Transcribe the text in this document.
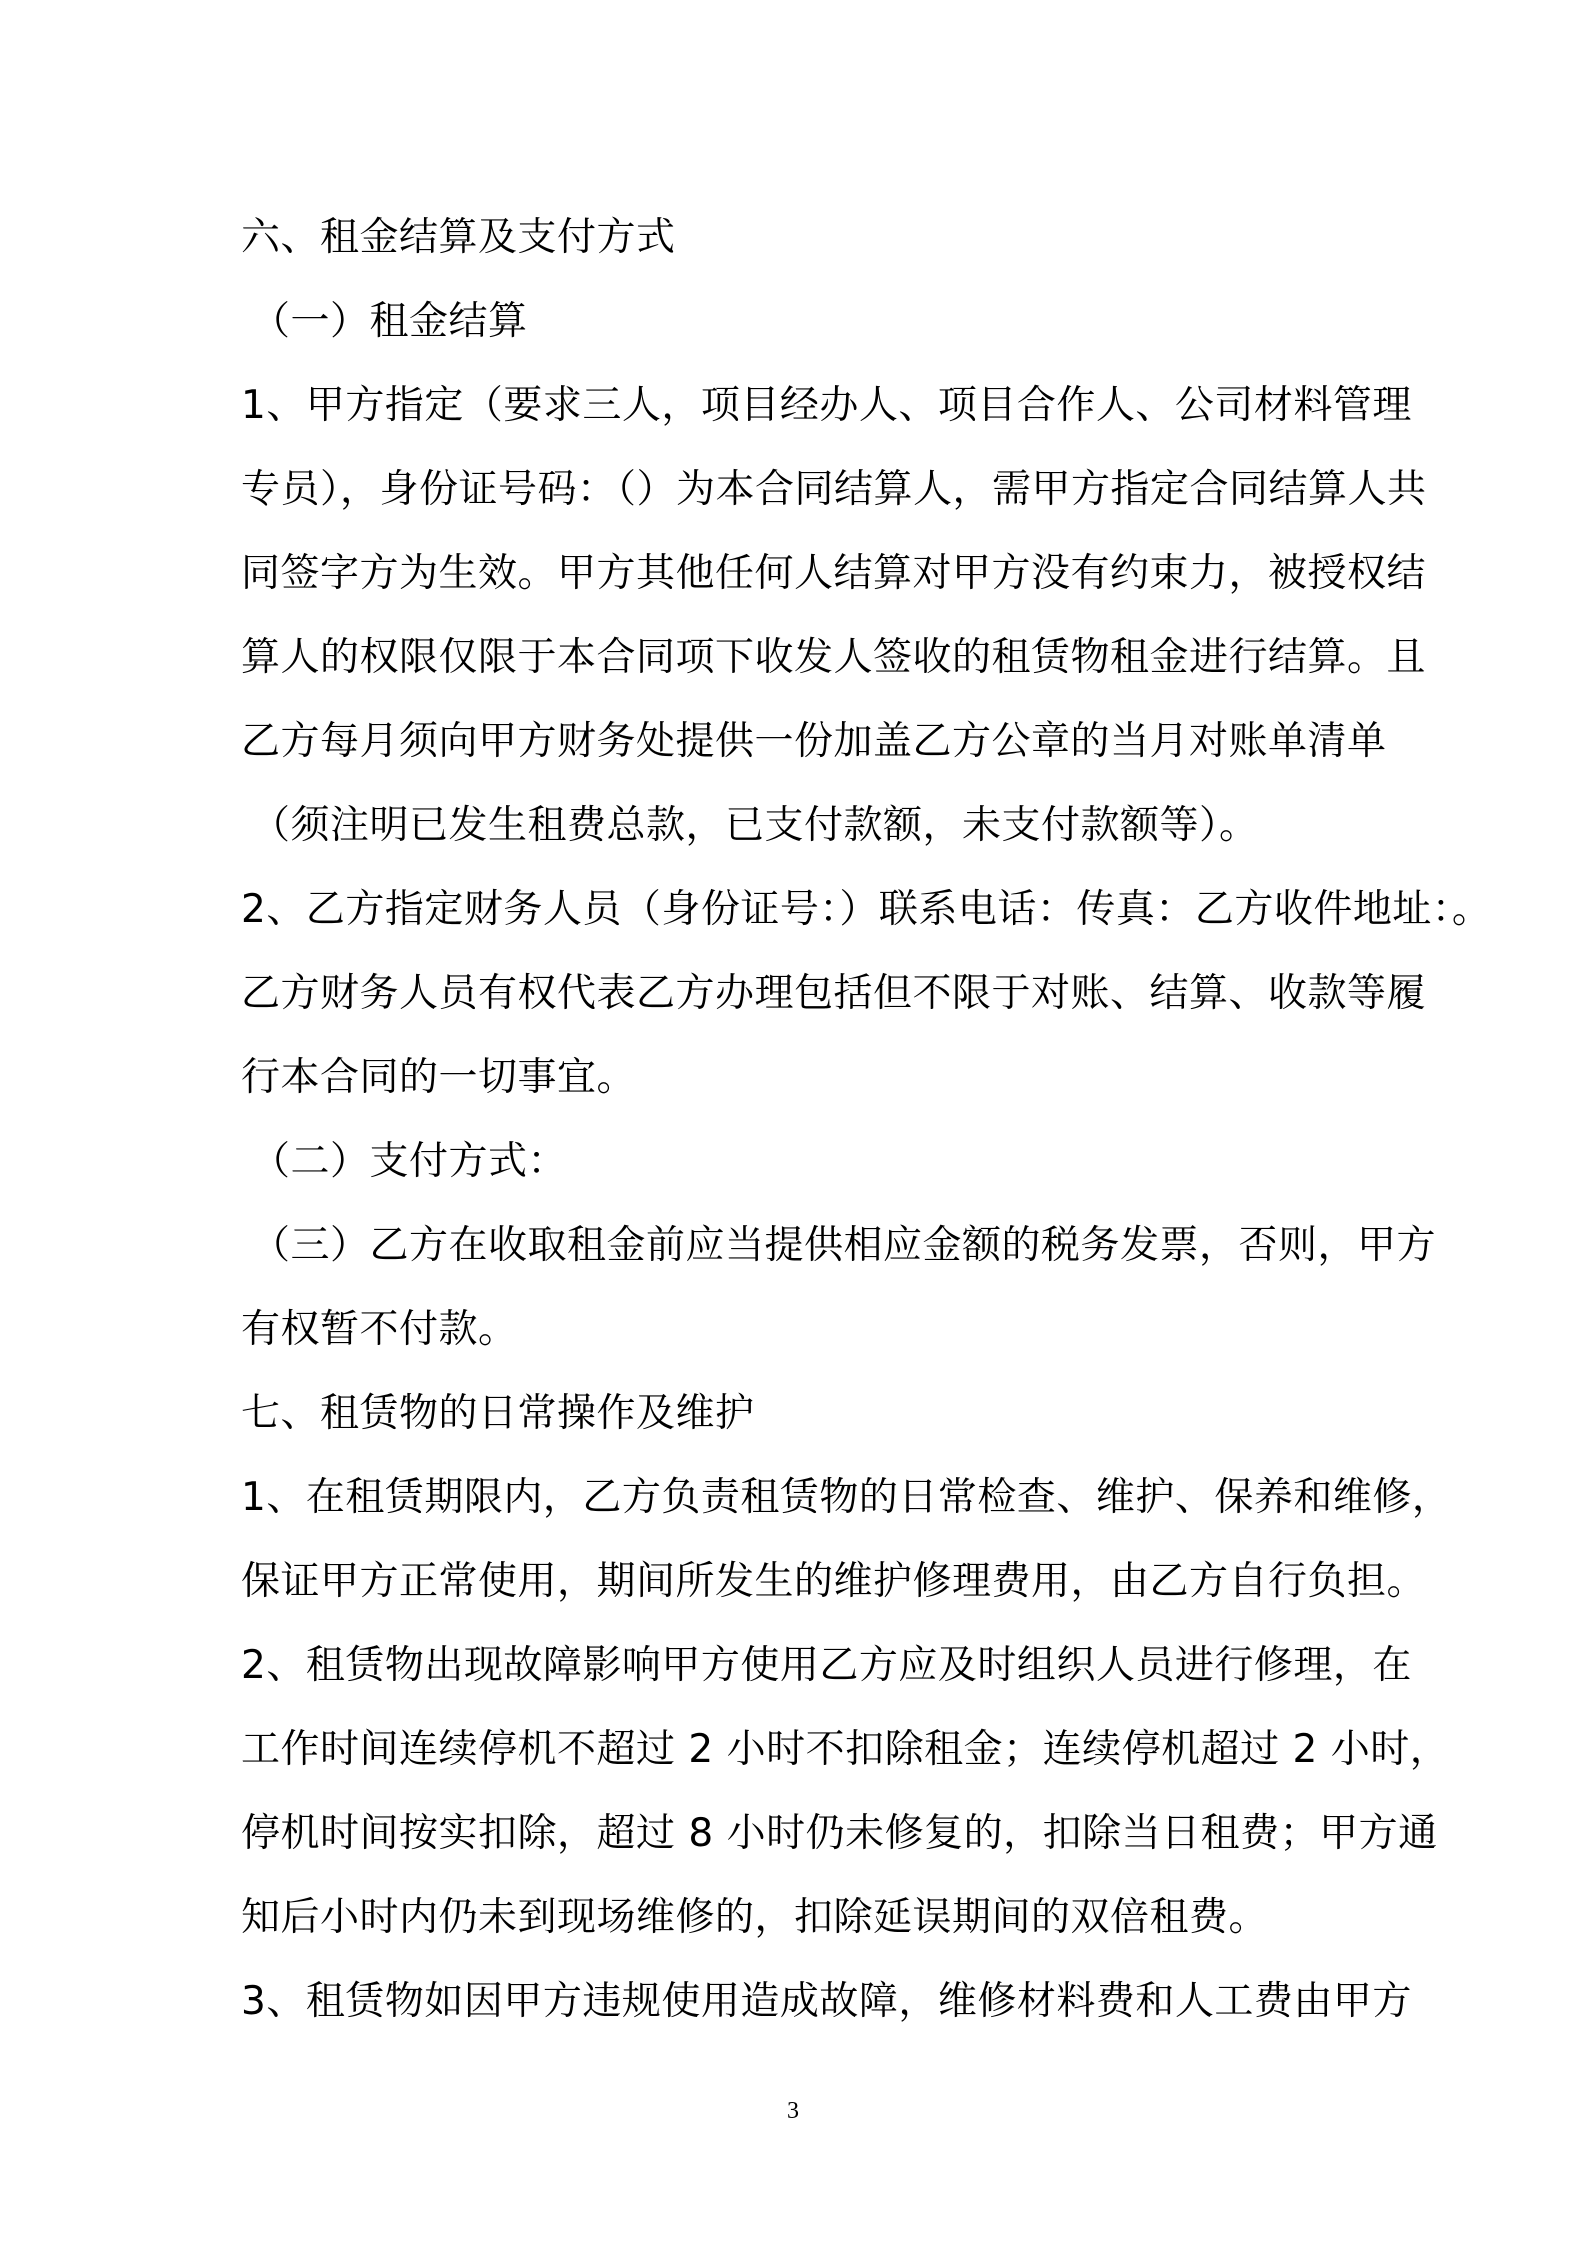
六、租金结算及支付方式
（一）租金结算
1、甲方指定（要求三人，项目经办人、项目合作人、公司材料管理
专员），身份证号码：（）为本合同结算人，需甲方指定合同结算人共
同签字方为生效。甲方其他任何人结算对甲方没有约束力，被授权结
算人的权限仅限于本合同项下收发人签收的租赁物租金进行结算。且
乙方每月须向甲方财务处提供一份加盖乙方公章的当月对账单清单
（须注明已发生租费总款，已支付款额，未支付款额等）。
2、乙方指定财务人员（身份证号：）联系电话：传真：乙方收件地址：。
乙方财务人员有权代表乙方办理包括但不限于对账、结算、收款等履
行本合同的一切事宜。
（二）支付方式：
（三）乙方在收取租金前应当提供相应金额的税务发票，否则，甲方
有权暂不付款。
七、租赁物的日常操作及维护
1、在租赁期限内，乙方负责租赁物的日常检查、维护、保养和维修，
保证甲方正常使用，期间所发生的维护修理费用，由乙方自行负担。
2、租赁物出现故障影响甲方使用乙方应及时组织人员进行修理，在
工作时间连续停机不超过 2 小时不扣除租金；连续停机超过 2 小时，
停机时间按实扣除，超过 8 小时仍未修复的，扣除当日租费；甲方通
知后小时内仍未到现场维修的，扣除延误期间的双倍租费。
3、租赁物如因甲方违规使用造成故障，维修材料费和人工费由甲方
3
